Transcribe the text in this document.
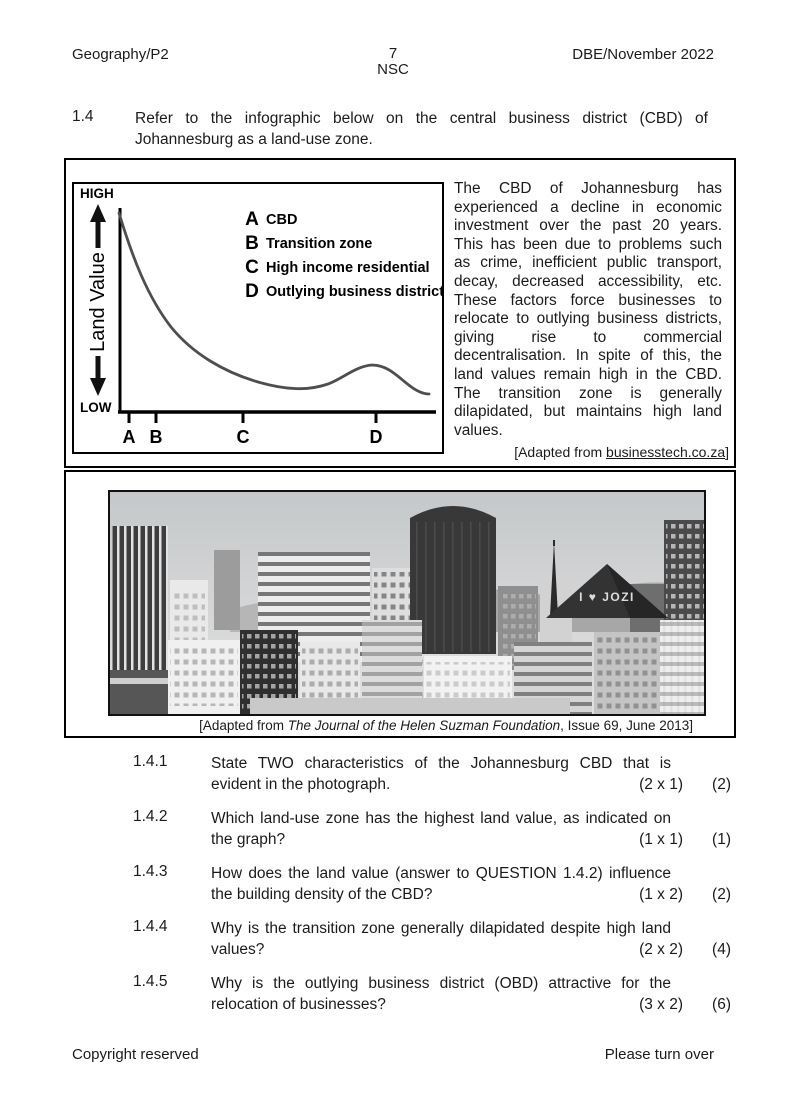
Geography/P2	7
NSC
DBE/November 2022
1.4	Refer to the infographic below on the central business district (CBD) of Johannesburg as a land-use zone.
HIGH
Land Value
LOW
A B	C	D
A CBD
B Transition zone
C High income residential
D Outlying business district
The CBD of Johannesburg has experienced a decline in economic investment over the past 20 years. This has been due to problems such as crime, inefficient public transport, decay, decreased accessibility, etc. These factors force businesses to relocate to outlying business districts, giving rise to commercial decentralisation. In spite of this, the land values remain high in the CBD. The transition zone is generally dilapidated, but maintains high land values.
[Adapted from businesstech.co.za]
I ♥ JOZI
[Adapted from The Journal of the Helen Suzman Foundation, Issue 69, June 2013]
1.4.1	State TWO characteristics of the Johannesburg CBD that is evident in the photograph.	(2 x 1)	(2)
1.4.2	Which land-use zone has the highest land value, as indicated on the graph?	(1 x 1)	(1)
1.4.3	How does the land value (answer to QUESTION 1.4.2) influence the building density of the CBD?	(1 x 2)	(2)
1.4.4	Why is the transition zone generally dilapidated despite high land values?	(2 x 2)	(4)
1.4.5	Why is the outlying business district (OBD) attractive for the relocation of businesses?	(3 x 2)	(6)
Copyright reserved	Please turn over
